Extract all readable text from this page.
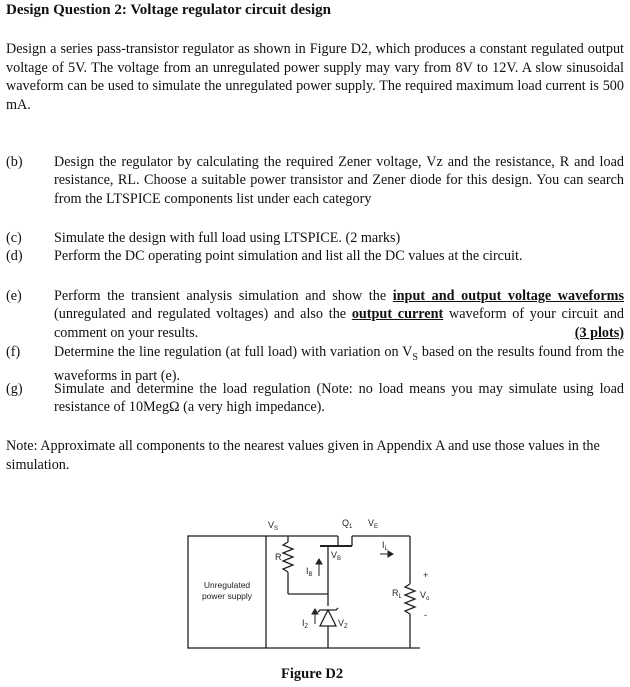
Design Question 2: Voltage regulator circuit design
Design a series pass-transistor regulator as shown in Figure D2, which produces a constant regulated output voltage of 5V. The voltage from an unregulated power supply may vary from 8V to 12V. A slow sinusoidal waveform can be used to simulate the unregulated power supply. The required maximum load current is 500 mA.
(b)	Design the regulator by calculating the required Zener voltage, Vz and the resistance, R and load resistance, RL. Choose a suitable power transistor and Zener diode for this design. You can search from the LTSPICE components list under each category
(c)	Simulate the design with full load using LTSPICE. (2 marks)
(d)	Perform the DC operating point simulation and list all the DC values at the circuit.
(e)	Perform the transient analysis simulation and show the input and output voltage waveforms (unregulated and regulated voltages) and also the output current waveform of your circuit and comment on your results.	(3 plots)
(f)	Determine the line regulation (at full load) with variation on $V_S$ based on the results found from the waveforms in part (e).
(g)	Simulate and determine the load regulation (Note: no load means you may simulate using load resistance of 10MegΩ (a very high impedance).
Note: Approximate all components to the nearest values given in Appendix A and use those values in the simulation.
Unregulated
power supply
$V_S$
$Q_1$ $V_E$
R
$I_B$
$V_B$
$I_L$
$R_L$ $V_o$
+
-
$I_Z$	$V_Z$
Figure D2
